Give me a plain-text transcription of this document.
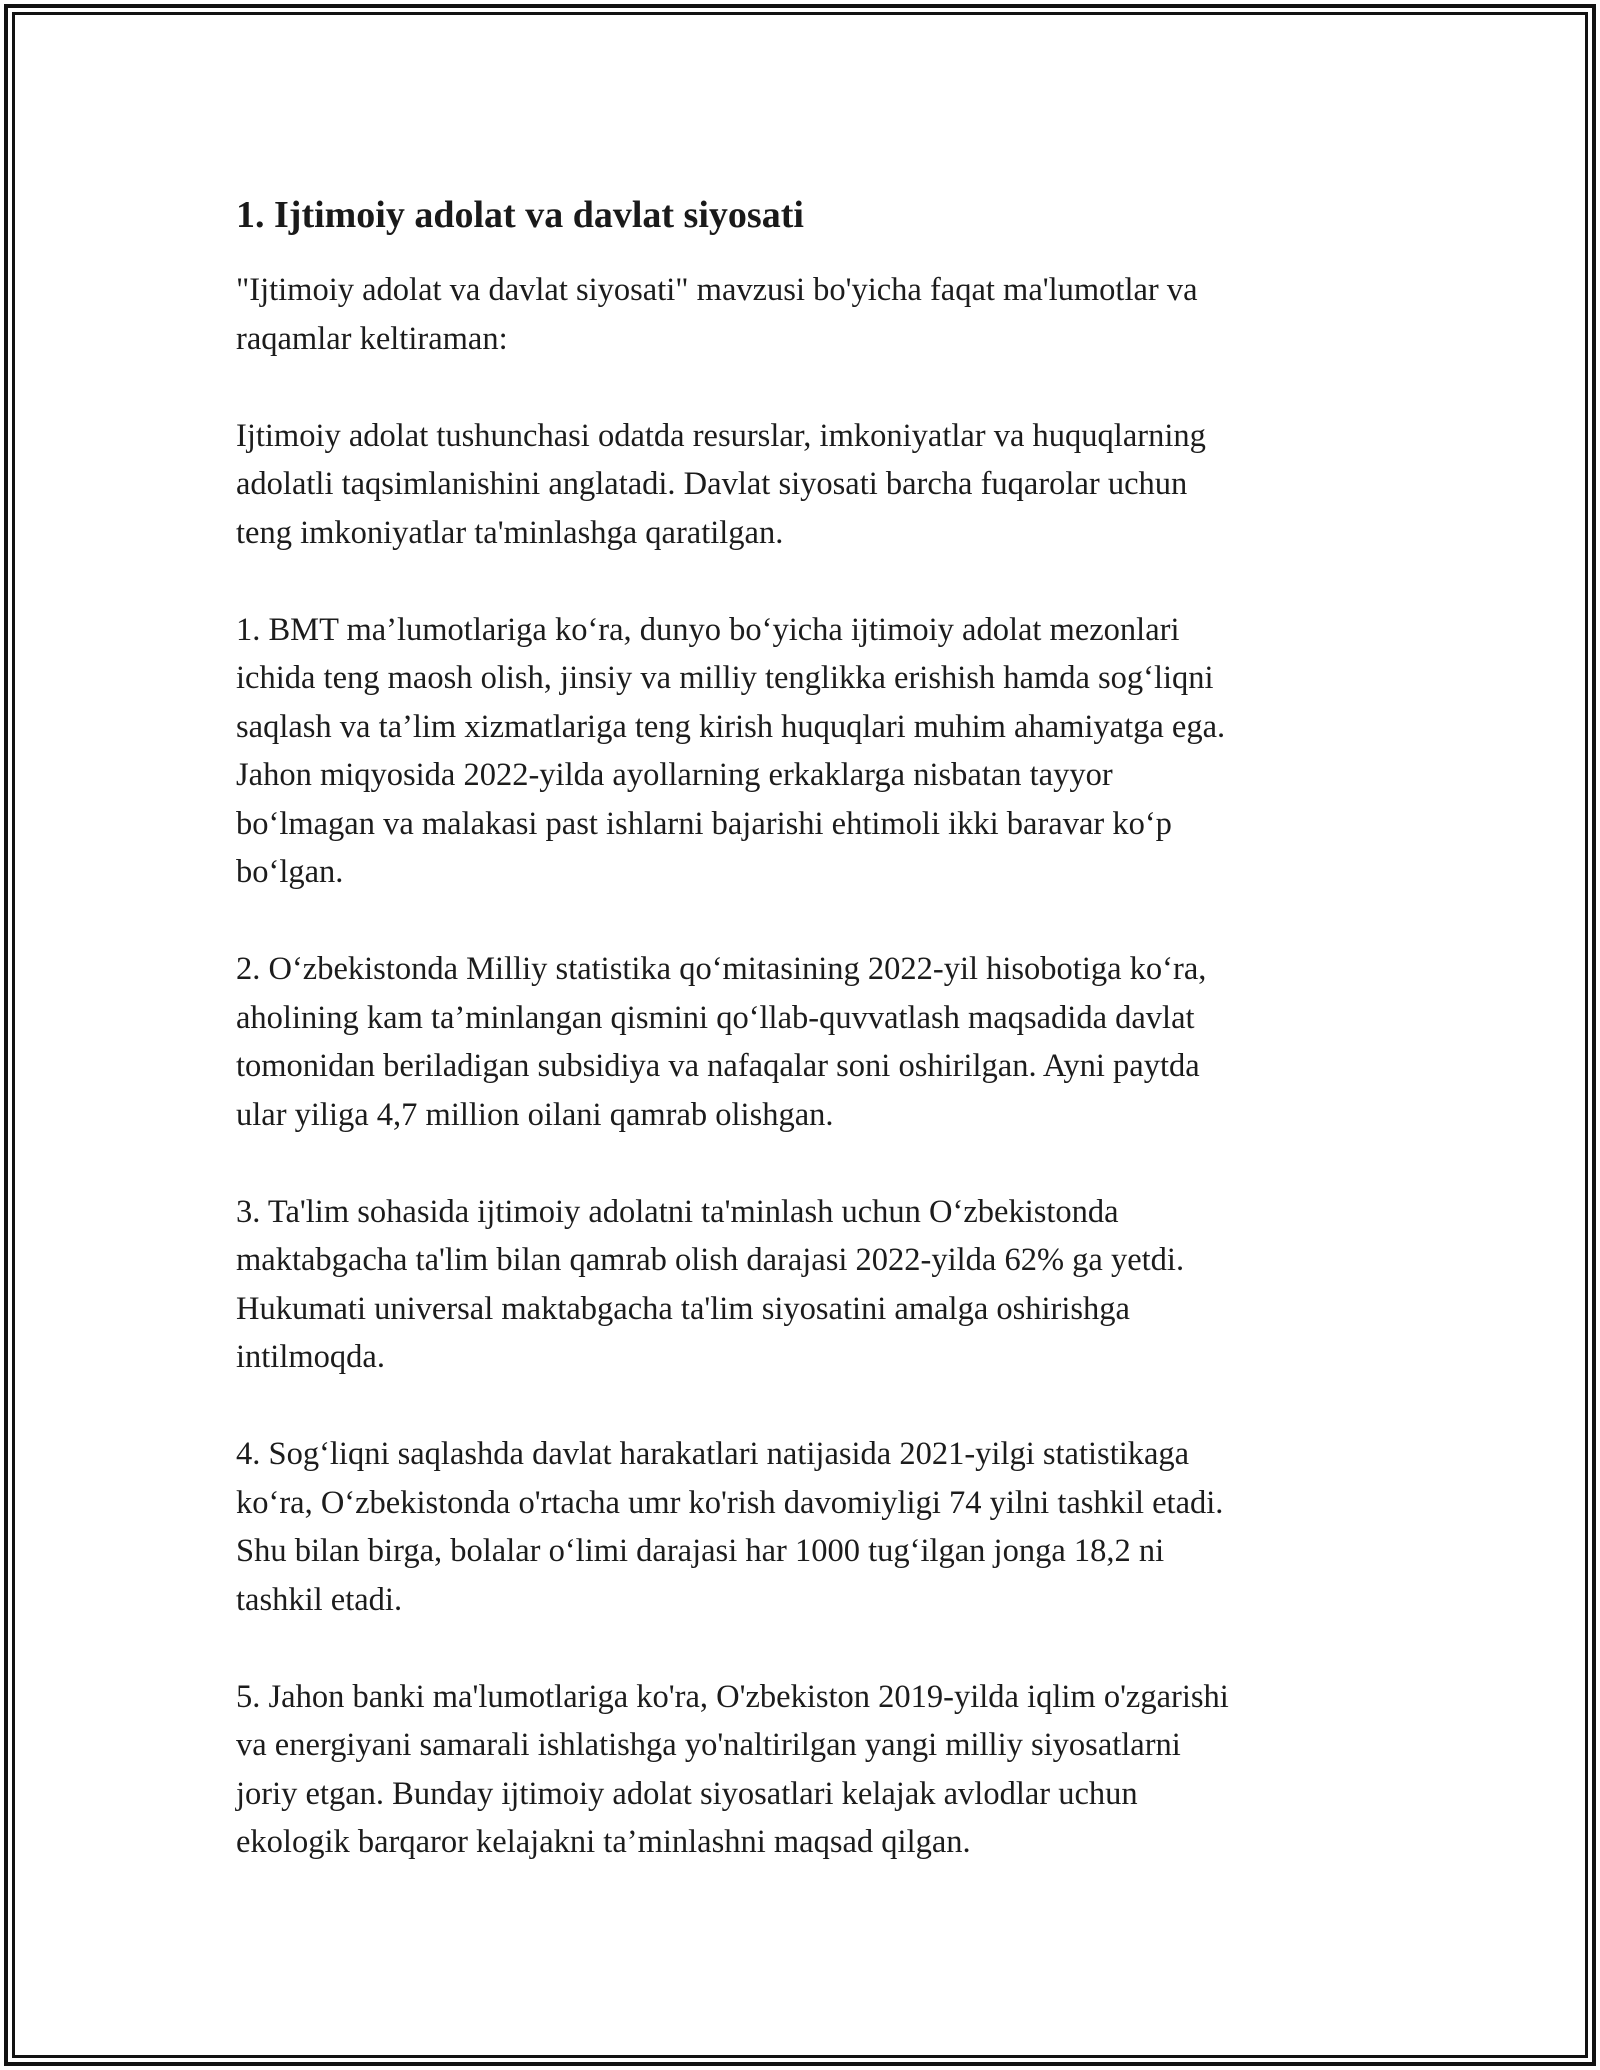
1. Ijtimoiy adolat va davlat siyosati

"Ijtimoiy adolat va davlat siyosati" mavzusi bo'yicha faqat ma'lumotlar va
raqamlar keltiraman:

Ijtimoiy adolat tushunchasi odatda resurslar, imkoniyatlar va huquqlarning
adolatli taqsimlanishini anglatadi. Davlat siyosati barcha fuqarolar uchun
teng imkoniyatlar ta'minlashga qaratilgan.

1. BMT ma’lumotlariga ko‘ra, dunyo bo‘yicha ijtimoiy adolat mezonlari
ichida teng maosh olish, jinsiy va milliy tenglikka erishish hamda sog‘liqni
saqlash va ta’lim xizmatlariga teng kirish huquqlari muhim ahamiyatga ega.
Jahon miqyosida 2022-yilda ayollarning erkaklarga nisbatan tayyor
bo‘lmagan va malakasi past ishlarni bajarishi ehtimoli ikki baravar ko‘p
bo‘lgan.

2. O‘zbekistonda Milliy statistika qo‘mitasining 2022-yil hisobotiga ko‘ra,
aholining kam ta’minlangan qismini qo‘llab-quvvatlash maqsadida davlat
tomonidan beriladigan subsidiya va nafaqalar soni oshirilgan. Ayni paytda
ular yiliga 4,7 million oilani qamrab olishgan.

3. Ta'lim sohasida ijtimoiy adolatni ta'minlash uchun O‘zbekistonda
maktabgacha ta'lim bilan qamrab olish darajasi 2022-yilda 62% ga yetdi.
Hukumati universal maktabgacha ta'lim siyosatini amalga oshirishga
intilmoqda.

4. Sog‘liqni saqlashda davlat harakatlari natijasida 2021-yilgi statistikaga
ko‘ra, O‘zbekistonda o'rtacha umr ko'rish davomiyligi 74 yilni tashkil etadi.
Shu bilan birga, bolalar o‘limi darajasi har 1000 tug‘ilgan jonga 18,2 ni
tashkil etadi.

5. Jahon banki ma'lumotlariga ko'ra, O'zbekiston 2019-yilda iqlim o'zgarishi
va energiyani samarali ishlatishga yo'naltirilgan yangi milliy siyosatlarni
joriy etgan. Bunday ijtimoiy adolat siyosatlari kelajak avlodlar uchun
ekologik barqaror kelajakni ta’minlashni maqsad qilgan.
